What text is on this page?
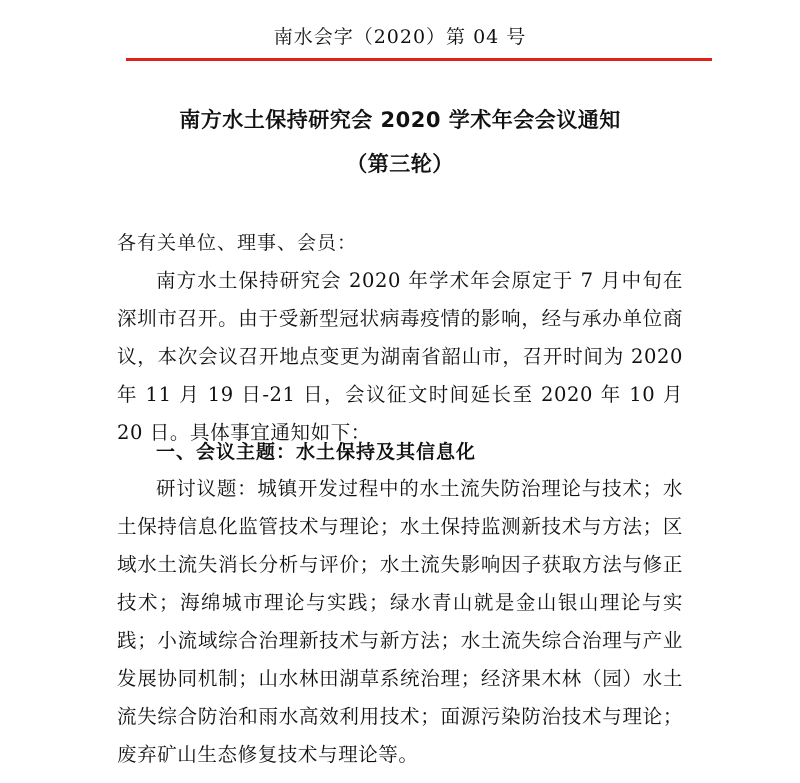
南水会字（2020）第 04 号
南方水土保持研究会 2020 学术年会会议通知
（第三轮）
各有关单位、理事、会员：

南方水土保持研究会 2020 年学术年会原定于 7 月中旬在深圳市召开。由于受新型冠状病毒疫情的影响，经与承办单位商议，本次会议召开地点变更为湖南省韶山市，召开时间为 2020 年 11 月 19 日-21 日，会议征文时间延长至 2020 年 10 月 20 日。具体事宜通知如下：

一、会议主题：水土保持及其信息化

研讨议题：城镇开发过程中的水土流失防治理论与技术；水土保持信息化监管技术与理论；水土保持监测新技术与方法；区域水土流失消长分析与评价；水土流失影响因子获取方法与修正技术；海绵城市理论与实践；绿水青山就是金山银山理论与实践；小流域综合治理新技术与新方法；水土流失综合治理与产业发展协同机制；山水林田湖草系统治理；经济果木林（园）水土流失综合防治和雨水高效利用技术；面源污染防治技术与理论；废弃矿山生态修复技术与理论等。
